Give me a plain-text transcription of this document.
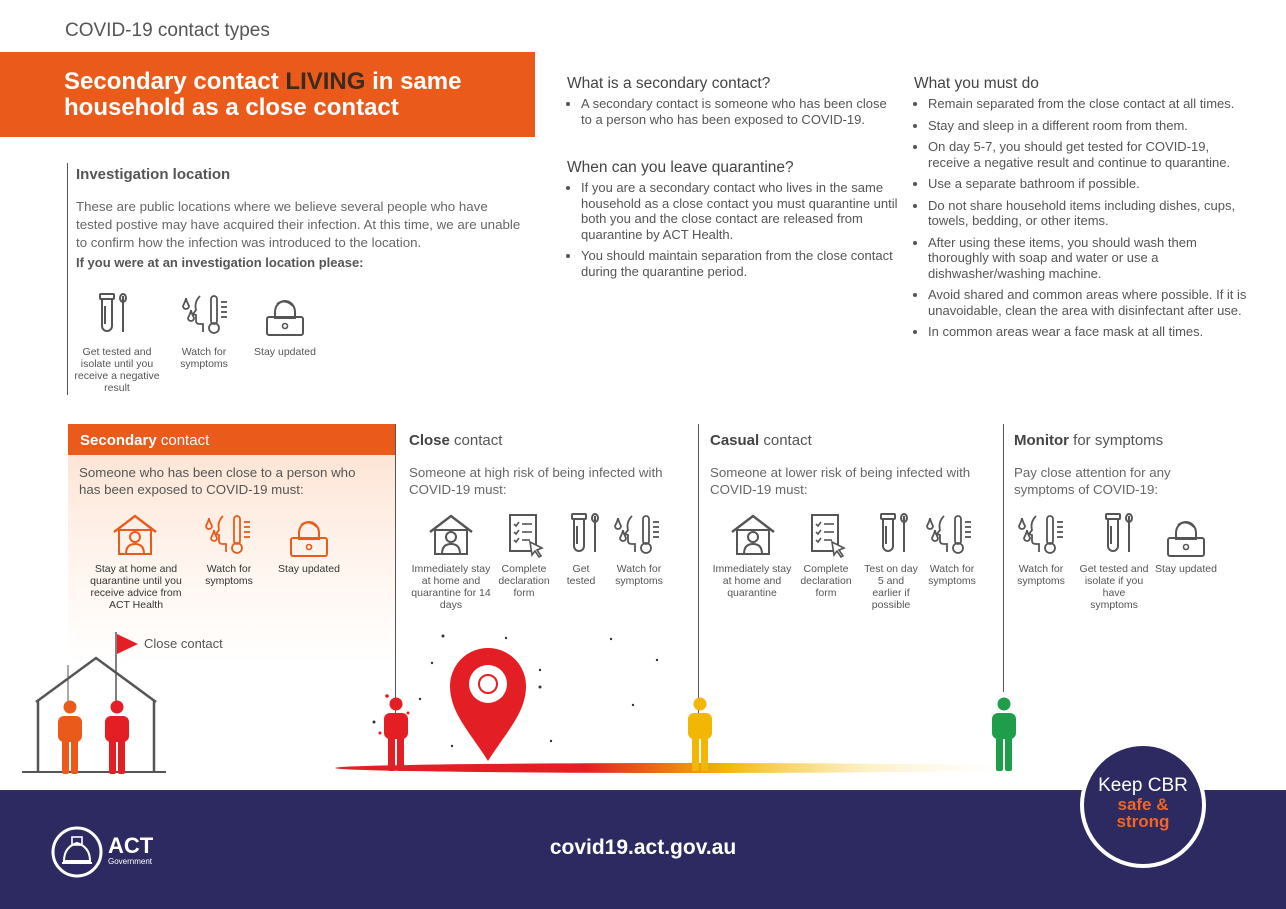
COVID-19 contact types
Secondary contact LIVING in same household as a close contact
Investigation location
These are public locations where we believe several people who have tested postive may have acquired their infection. At this time, we are unable to confirm how the infection was introduced to the location.
If you were at an investigation location please:
Get tested and isolate until you receive a negative result
Watch for symptoms
Stay updated
What is a secondary contact?
• A secondary contact is someone who has been close to a person who has been exposed to COVID-19.
When can you leave quarantine?
• If you are a secondary contact who lives in the same household as a close contact you must quarantine until both you and the close contact are released from quarantine by ACT Health.
• You should maintain separation from the close contact during the quarantine period.
What you must do
• Remain separated from the close contact at all times.
• Stay and sleep in a different room from them.
• On day 5-7, you should get tested for COVID-19, receive a negative result and continue to quarantine.
• Use a separate bathroom if possible.
• Do not share household items including dishes, cups, towels, bedding, or other items.
• After using these items, you should wash them thoroughly with soap and water or use a dishwasher/washing machine.
• Avoid shared and common areas where possible. If it is unavoidable, clean the area with disinfectant after use.
• In common areas wear a face mask at all times.
Secondary contact
Someone who has been close to a person who has been exposed to COVID-19 must:
Stay at home and quarantine until you receive advice from ACT Health
Watch for symptoms
Stay updated
Close contact
Someone at high risk of being infected with COVID-19 must:
Immediately stay at home and quarantine for 14 days
Complete declaration form
Get tested
Watch for symptoms
Casual contact
Someone at lower risk of being infected with COVID-19 must:
Immediately stay at home and quarantine
Complete declaration form
Test on day 5 and earlier if possible
Watch for symptoms
Monitor for symptoms
Pay close attention for any symptoms of COVID-19:
Watch for symptoms
Get tested and isolate if you have symptoms
Stay updated
Close contact
covid19.act.gov.au
ACT
Government
Keep CBR
safe &
strong
